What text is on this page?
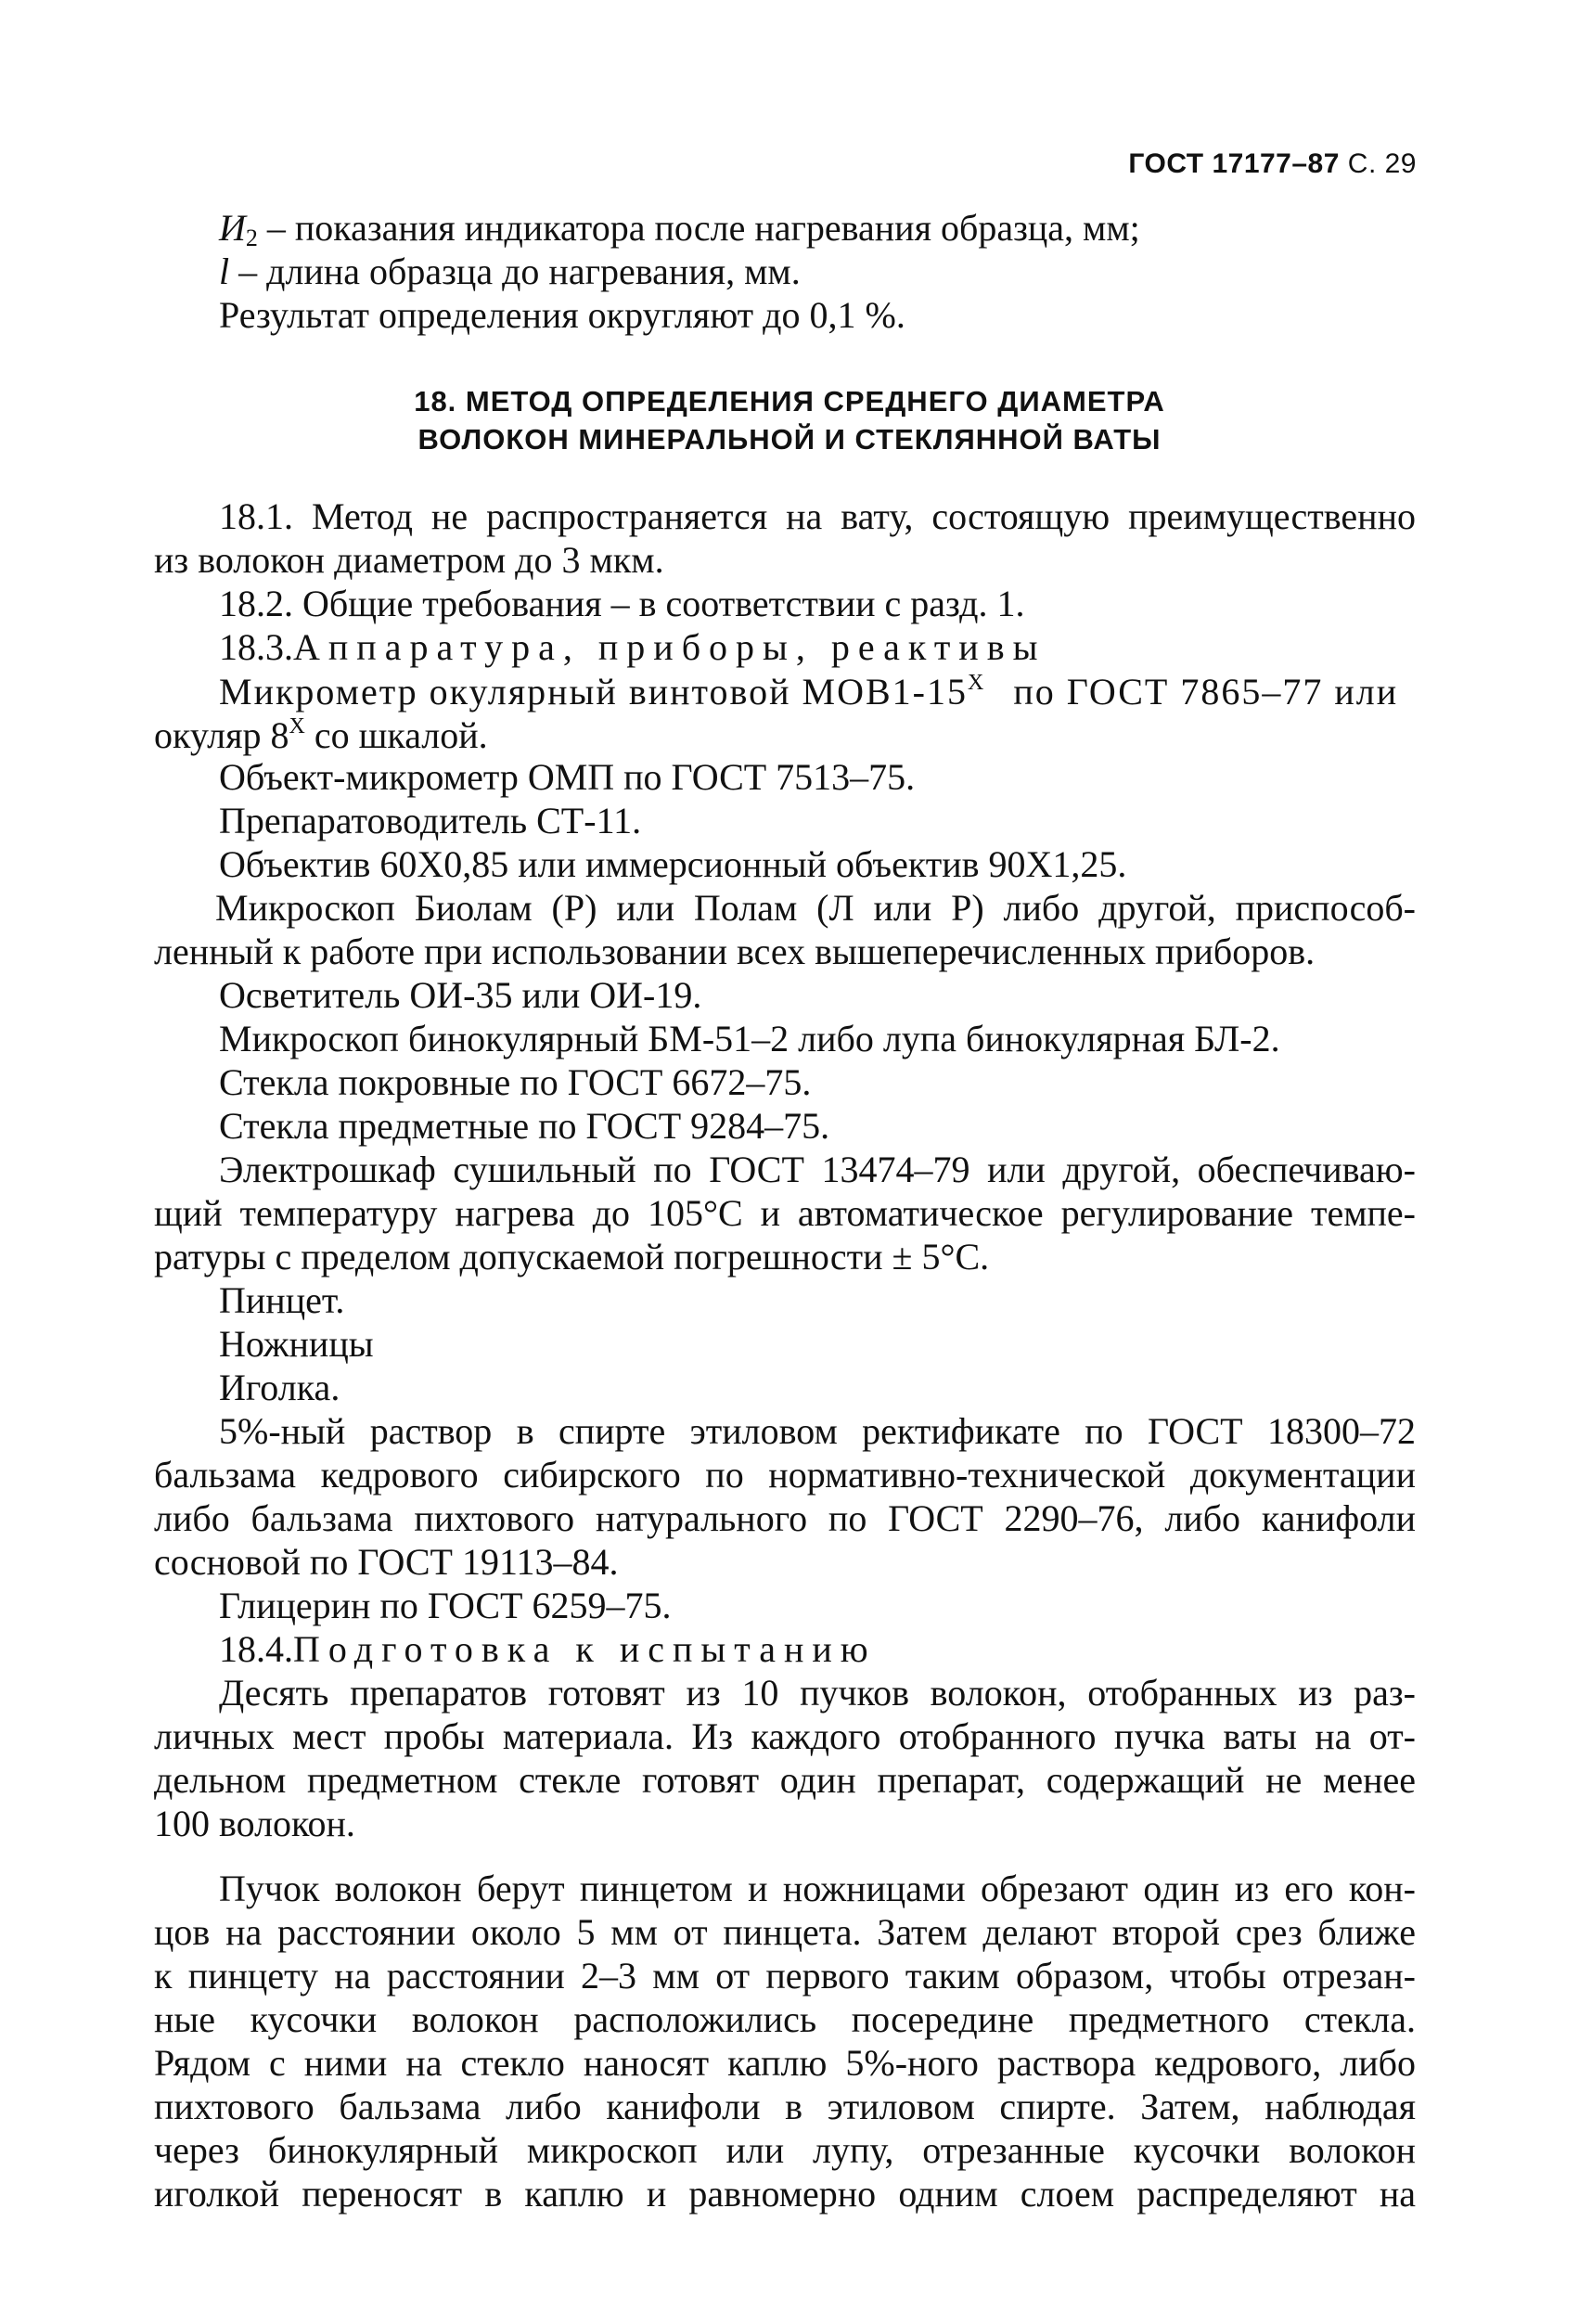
ГОСТ 17177–87 С. 29
$И_2$ – показания индикатора после нагревания образца, мм;
l – длина образца до нагревания, мм.
Результат определения округляют до 0,1 %.
18. МЕТОД ОПРЕДЕЛЕНИЯ СРЕДНЕГО ДИАМЕТРА
ВОЛОКОН МИНЕРАЛЬНОЙ И СТЕКЛЯННОЙ ВАТЫ
18.1. Метод не распространяется на вату, состоящую преимущественно
из волокон диаметром до 3 мкм.
18.2. Общие требования – в соответствии с разд. 1.
18.3.Аппаратура, приборы, реактивы
Микрометр окулярный винтовой $МОВ1-15^X$ по ГОСТ 7865–77 или
окуляр $8^X$ со шкалой.
Объект-микрометр ОМП по ГОСТ 7513–75.
Препаратоводитель СТ-11.
Объектив 60Х0,85 или иммерсионный объектив 90Х1,25.
Микроскоп Биолам (Р) или Полам (Л или Р) либо другой, приспособ-
ленный к работе при использовании всех вышеперечисленных приборов.
Осветитель ОИ-35 или ОИ-19.
Микроскоп бинокулярный БМ-51–2 либо лупа бинокулярная БЛ-2.
Стекла покровные по ГОСТ 6672–75.
Стекла предметные по ГОСТ 9284–75.
Электрошкаф сушильный по ГОСТ 13474–79 или другой, обеспечиваю-
щий температуру нагрева до 105°С и автоматическое регулирование темпе-
ратуры с пределом допускаемой погрешности ± 5°С.
Пинцет.
Ножницы
Иголка.
5%-ный раствор в спирте этиловом ректификате по ГОСТ 18300–72
бальзама кедрового сибирского по нормативно-технической документации
либо бальзама пихтового натурального по ГОСТ 2290–76, либо канифоли
сосновой по ГОСТ 19113–84.
Глицерин по ГОСТ 6259–75.
18.4.Подготовка к испытанию
Десять препаратов готовят из 10 пучков волокон, отобранных из раз-
личных мест пробы материала. Из каждого отобранного пучка ваты на от-
дельном предметном стекле готовят один препарат, содержащий не менее
100 волокон.
Пучок волокон берут пинцетом и ножницами обрезают один из его кон-
цов на расстоянии около 5 мм от пинцета. Затем делают второй срез ближе
к пинцету на расстоянии 2–3 мм от первого таким образом, чтобы отрезан-
ные кусочки волокон расположились посередине предметного стекла.
Рядом с ними на стекло наносят каплю 5%-ного раствора кедрового, либо
пихтового бальзама либо канифоли в этиловом спирте. Затем, наблюдая
через бинокулярный микроскоп или лупу, отрезанные кусочки волокон
иголкой переносят в каплю и равномерно одним слоем распределяют на
